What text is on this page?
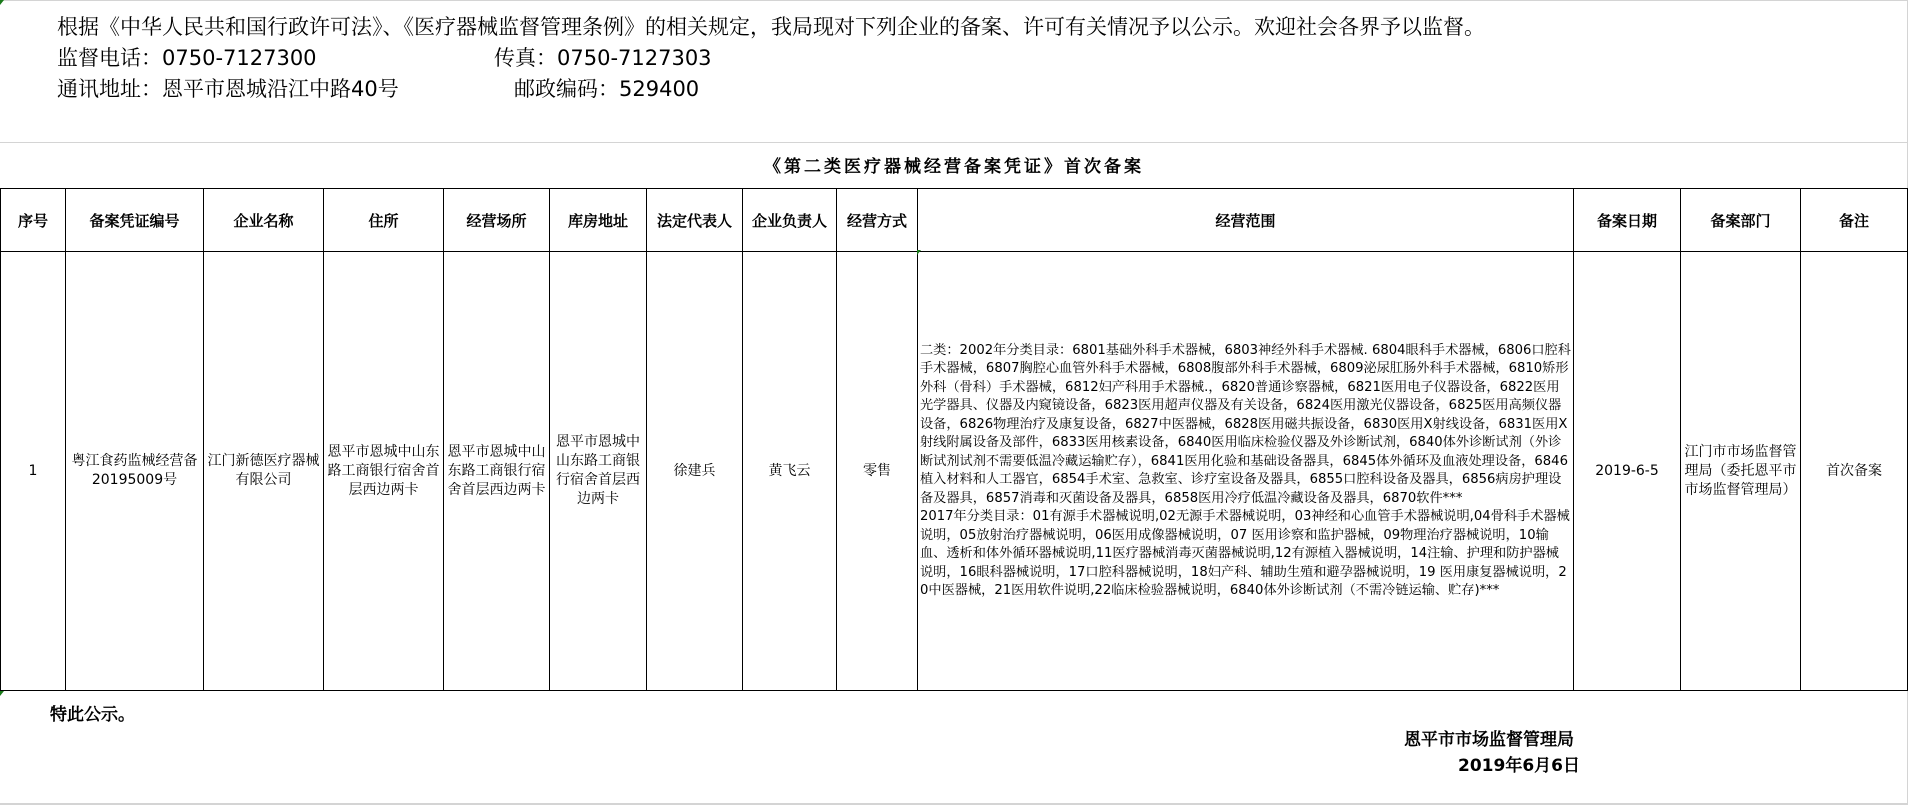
根据《中华人民共和国行政许可法》、《医疗器械监督管理条例》的相关规定，我局现对下列企业的备案、许可有关情况予以公示。欢迎社会各界予以监督。
监督电话：0750-7127300	传真：0750-7127303
通讯地址：恩平市恩城沿江中路40号	邮政编码：529400
《第二类医疗器械经营备案凭证》首次备案
序号	备案凭证编号	企业名称	住所	经营场所	库房地址	法定代表人	企业负责人	经营方式	经营范围	备案日期	备案部门	备注
1	粤江食药监械经营备20195009号	江门新德医疗器械有限公司	恩平市恩城中山东路工商银行宿舍首层西边两卡	恩平市恩城中山东路工商银行宿舍首层西边两卡	恩平市恩城中山东路工商银行宿舍首层西边两卡	徐建兵	黄飞云	零售	二类：2002年分类目录：6801基础外科手术器械，6803神经外科手术器械. 6804眼科手术器械，6806口腔科手术器械，6807胸腔心血管外科手术器械，6808腹部外科手术器械，6809泌尿肛肠外科手术器械，6810矫形外科（骨科）手术器械，6812妇产科用手术器械.，6820普通诊察器械，6821医用电子仪器设备，6822医用光学器具、仪器及内窥镜设备，6823医用超声仪器及有关设备，6824医用激光仪器设备，6825医用高频仪器设备，6826物理治疗及康复设备，6827中医器械，6828医用磁共振设备，6830医用X射线设备，6831医用X射线附属设备及部件，6833医用核素设备，6840医用临床检验仪器及外诊断试剂，6840体外诊断试剂（外诊断试剂试剂不需要低温冷藏运输贮存），6841医用化验和基础设备器具，6845体外循环及血液处理设备，6846 植入材料和人工器官，6854手术室、急救室、诊疗室设备及器具，6855口腔科设备及器具，6856病房护理设备及器具，6857消毒和灭菌设备及器具，6858医用冷疗低温冷藏设备及器具，6870软件***
2017年分类目录：01有源手术器械说明,02无源手术器械说明，03神经和心血管手术器械说明,04骨科手术器械说明，05放射治疗器械说明，06医用成像器械说明，07 医用诊察和监护器械，09物理治疗器械说明，10输血、透析和体外循环器械说明,11医疗器械消毒灭菌器械说明,12有源植入器械说明，14注输、护理和防护器械说明，16眼科器械说明，17口腔科器械说明，18妇产科、辅助生殖和避孕器械说明，19 医用康复器械说明，20中医器械，21医用软件说明,22临床检验器械说明，6840体外诊断试剂（不需冷链运输、贮存)***	2019-6-5	江门市市场监督管理局（委托恩平市市场监督管理局）	首次备案
特此公示。
恩平市市场监督管理局
2019年6月6日
